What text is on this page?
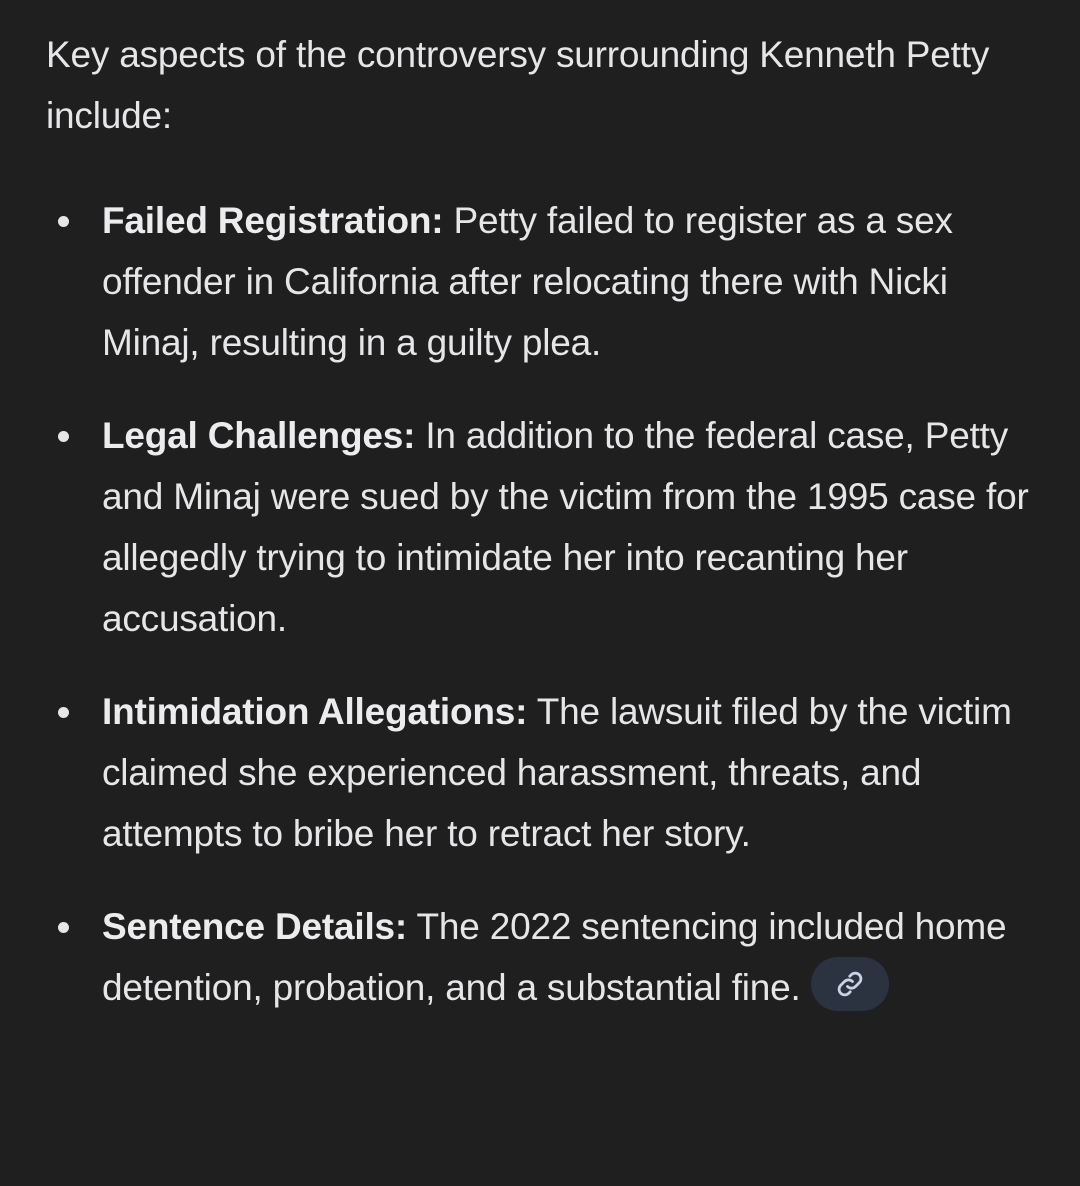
Key aspects of the controversy surrounding Kenneth Petty include:

Failed Registration: Petty failed to register as a sex offender in California after relocating there with Nicki Minaj, resulting in a guilty plea.
Legal Challenges: In addition to the federal case, Petty and Minaj were sued by the victim from the 1995 case for allegedly trying to intimidate her into recanting her accusation.
Intimidation Allegations: The lawsuit filed by the victim claimed she experienced harassment, threats, and attempts to bribe her to retract her story.
Sentence Details: The 2022 sentencing included home detention, probation, and a substantial fine.
